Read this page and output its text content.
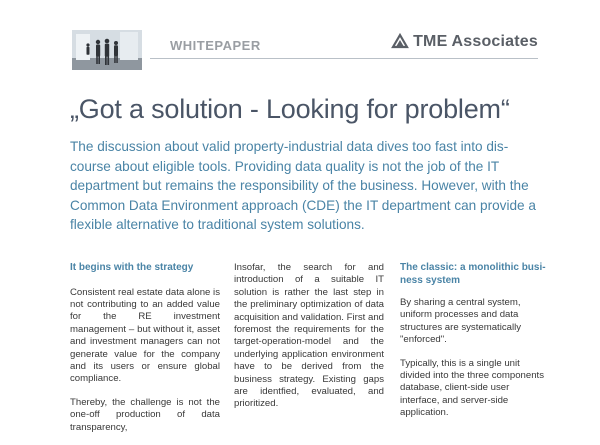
WHITEPAPER	TME Associates
„Got a solution - Looking for problem“

The discussion about valid property-industrial data dives too fast into dis-course about eligible tools. Providing data quality is not the job of the IT department but remains the responsibility of the business. However, with the Common Data Environment approach (CDE) the IT department can provide a flexible alternative to traditional system solutions.

It begins with the strategy

Consistent real estate data alone is not contributing to an added value for the RE investment management – but without it, asset and investment managers can not generate value for the company and its users or ensure global compliance.

Thereby, the challenge is not the one-off production of data transparency,

Insofar, the search for and introduction of a suitable IT solution is rather the last step in the preliminary optimization of data acquisition and validation. First and foremost the requirements for the target-operation-model and the underlying application environment have to be derived from the business strategy. Existing gaps are identfied, evaluated, and prioritized.

The classic: a monolithic busi-ness system

By sharing a central system, uniform processes and data structures are systematically "enforced".

Typically, this is a single unit divided into the three components database, client-side user interface, and server-side application.
